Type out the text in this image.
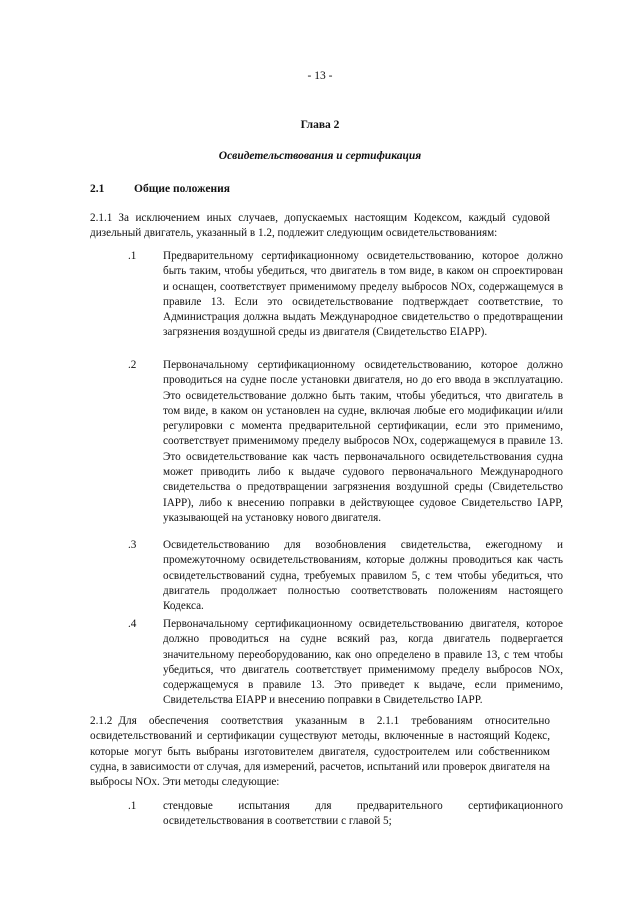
- 13 -
Глава 2
Освидетельствования и сертификация
2.1	Общие положения
2.1.1 За исключением иных случаев, допускаемых настоящим Кодексом, каждый судовой дизельный двигатель, указанный в 1.2, подлежит следующим освидетельствованиям:
.1 Предварительному сертификационному освидетельствованию, которое должно быть таким, чтобы убедиться, что двигатель в том виде, в каком он спроектирован и оснащен, соответствует применимому пределу выбросов NOx, содержащемуся в правиле 13. Если это освидетельствование подтверждает соответствие, то Администрация должна выдать Международное свидетельство о предотвращении загрязнения воздушной среды из двигателя (Свидетельство EIAPP).
.2 Первоначальному сертификационному освидетельствованию, которое должно проводиться на судне после установки двигателя, но до его ввода в эксплуатацию. Это освидетельствование должно быть таким, чтобы убедиться, что двигатель в том виде, в каком он установлен на судне, включая любые его модификации и/или регулировки с момента предварительной сертификации, если это применимо, соответствует применимому пределу выбросов NOx, содержащемуся в правиле 13. Это освидетельствование как часть первоначального освидетельствования судна может приводить либо к выдаче судового первоначального Международного свидетельства о предотвращении загрязнения воздушной среды (Свидетельство IAPP), либо к внесению поправки в действующее судовое Свидетельство IAPP, указывающей на установку нового двигателя.
.3 Освидетельствованию для возобновления свидетельства, ежегодному и промежуточному освидетельствованиям, которые должны проводиться как часть освидетельствований судна, требуемых правилом 5, с тем чтобы убедиться, что двигатель продолжает полностью соответствовать положениям настоящего Кодекса.
.4 Первоначальному сертификационному освидетельствованию двигателя, которое должно проводиться на судне всякий раз, когда двигатель подвергается значительному переоборудованию, как оно определено в правиле 13, с тем чтобы убедиться, что двигатель соответствует применимому пределу выбросов NOx, содержащемуся в правиле 13. Это приведет к выдаче, если применимо, Свидетельства EIAPP и внесению поправки в Свидетельство IAPP.
2.1.2 Для обеспечения соответствия указанным в 2.1.1 требованиям относительно освидетельствований и сертификации существуют методы, включенные в настоящий Кодекс, которые могут быть выбраны изготовителем двигателя, судостроителем или собственником судна, в зависимости от случая, для измерений, расчетов, испытаний или проверок двигателя на выбросы NOx. Эти методы следующие:
.1 стендовые испытания для предварительного сертификационного освидетельствования в соответствии с главой 5;
